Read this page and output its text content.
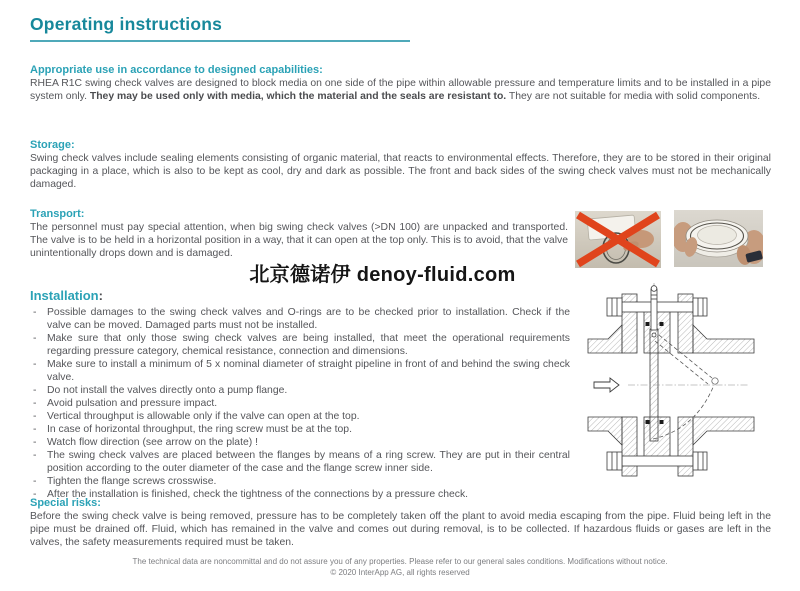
Operating instructions
Appropriate use in accordance to designed capabilities:

RHEA R1C swing check valves are designed to block media on one side of the pipe within allowable pressure and temperature limits and to be installed in a pipe system only. They may be used only with media, which the material and the seals are resistant to. They are not suitable for media with solid components.

Storage:

Swing check valves include sealing elements consisting of organic material, that reacts to environmental effects. Therefore, they are to be stored in their original packaging in a place, which is also to be kept as cool, dry and dark as possible. The front and back sides of the swing check valves must not be mechanically damaged.

Transport:

The personnel must pay special attention, when big swing check valves (>DN 100) are unpacked and transported. The valve is to be held in a horizontal position in a way, that it can open at the top only. This is to avoid, that the valve unintentionally drops down and is damaged.

北京德诺伊 denoy-fluid.com
Installation:
- Possible damages to the swing check valves and O-rings are to be checked prior to installation. Check if the valve can be moved. Damaged parts must not be installed.
- Make sure that only those swing check valves are being installed, that meet the operational requirements regarding pressure category, chemical resistance, connection and dimensions.
- Make sure to install a minimum of 5 x nominal diameter of straight pipeline in front of and behind the swing check valve.
- Do not install the valves directly onto a pump flange.
- Avoid pulsation and pressure impact.
- Vertical throughput is allowable only if the valve can open at the top.
- In case of horizontal throughput, the ring screw must be at the top.
- Watch flow direction (see arrow on the plate) !
- The swing check valves are placed between the flanges by means of a ring screw. They are put in their central position according to the outer diameter of the case and the flange screw inner side.
- Tighten the flange screws crosswise.
- After the installation is finished, check the tightness of the connections by a pressure check.
Special risks:

Before the swing check valve is being removed, pressure has to be completely taken off the plant to avoid media escaping from the pipe. Fluid being left in the pipe must be drained off. Fluid, which has remained in the valve and comes out during removal, is to be collected. If hazardous fluids or gases are left in the valves, the safety measurements required must be taken.

The technical data are noncommittal and do not assure you of any properties. Please refer to our general sales conditions. Modifications without notice.
© 2020 InterApp AG, all rights reserved
